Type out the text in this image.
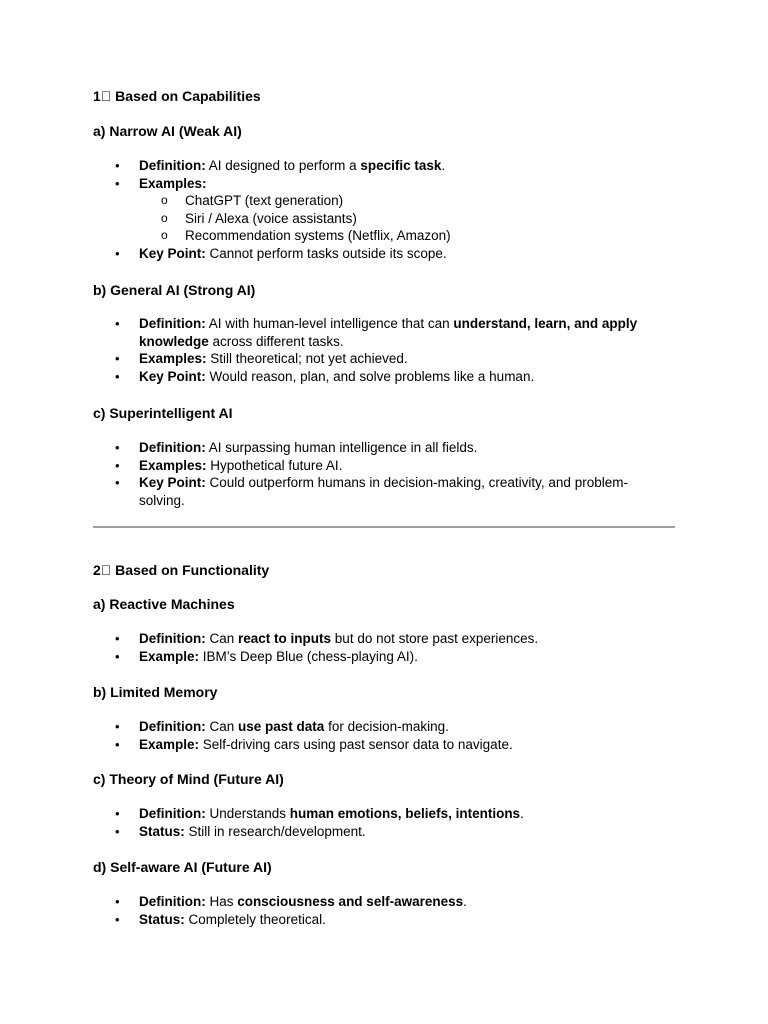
1⃣ Based on Capabilities
a) Narrow AI (Weak AI)
• Definition: AI designed to perform a specific task.
• Examples:
o ChatGPT (text generation)
o Siri / Alexa (voice assistants)
o Recommendation systems (Netflix, Amazon)
• Key Point: Cannot perform tasks outside its scope.
b) General AI (Strong AI)
• Definition: AI with human-level intelligence that can understand, learn, and apply knowledge across different tasks.
• Examples: Still theoretical; not yet achieved.
• Key Point: Would reason, plan, and solve problems like a human.
c) Superintelligent AI
• Definition: AI surpassing human intelligence in all fields.
• Examples: Hypothetical future AI.
• Key Point: Could outperform humans in decision-making, creativity, and problem-solving.
2⃣ Based on Functionality
a) Reactive Machines
• Definition: Can react to inputs but do not store past experiences.
• Example: IBM’s Deep Blue (chess-playing AI).
b) Limited Memory
• Definition: Can use past data for decision-making.
• Example: Self-driving cars using past sensor data to navigate.
c) Theory of Mind (Future AI)
• Definition: Understands human emotions, beliefs, intentions.
• Status: Still in research/development.
d) Self-aware AI (Future AI)
• Definition: Has consciousness and self-awareness.
• Status: Completely theoretical.
